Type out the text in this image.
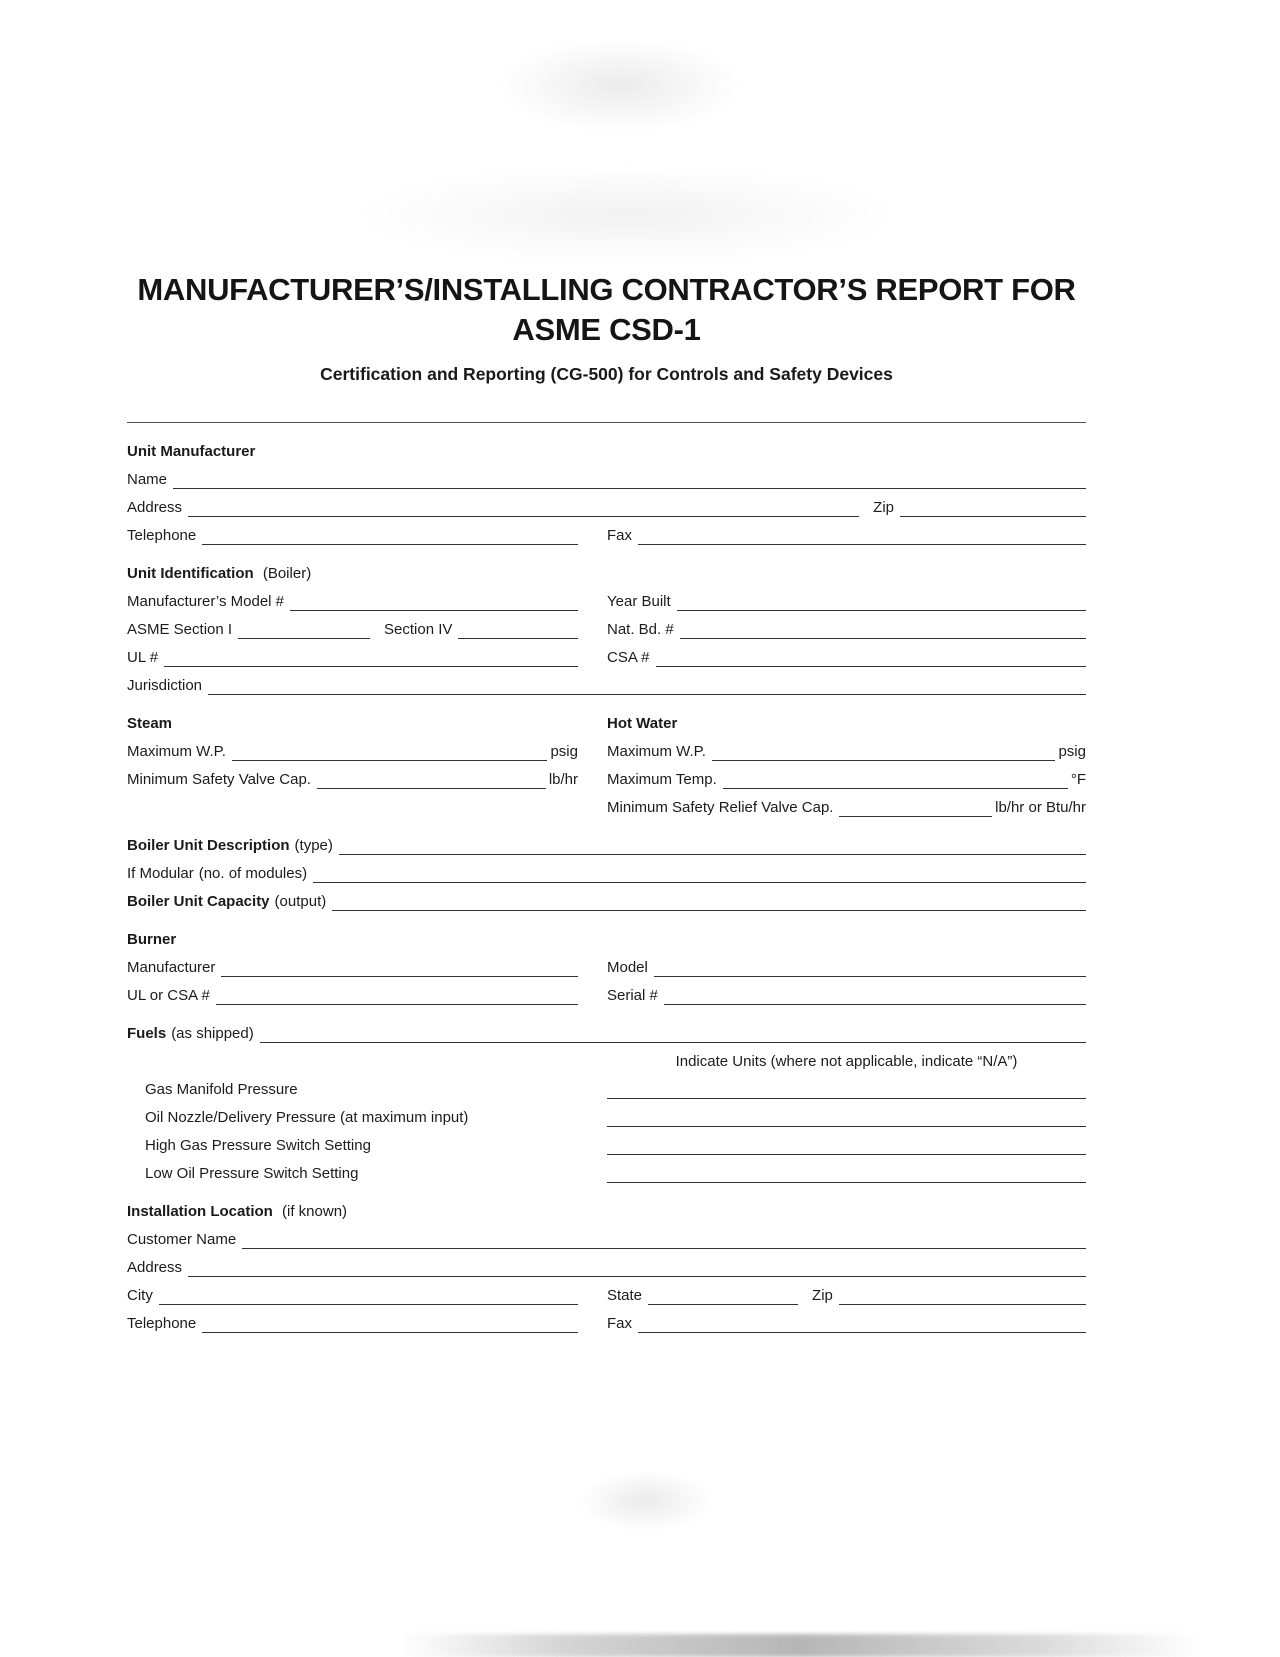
MANUFACTURER’S/INSTALLING CONTRACTOR’S REPORT FOR
ASME CSD-1
Certification and Reporting (CG-500) for Controls and Safety Devices
Unit Manufacturer
Name
Address	Zip
Telephone	Fax
Unit Identification (Boiler)
Manufacturer’s Model #	Year Built
ASME Section I	Section IV	Nat. Bd. #
UL #	CSA #
Jurisdiction
Steam
Maximum W.P.	psig
Minimum Safety Valve Cap.	lb/hr
Hot Water
Maximum W.P.	psig
Maximum Temp.	°F
Minimum Safety Relief Valve Cap.	lb/hr or Btu/hr
Boiler Unit Description (type)
If Modular (no. of modules)
Boiler Unit Capacity (output)
Burner
Manufacturer	Model
UL or CSA #	Serial #
Fuels (as shipped)
Indicate Units (where not applicable, indicate “N/A”)
Gas Manifold Pressure
Oil Nozzle/Delivery Pressure (at maximum input)
High Gas Pressure Switch Setting
Low Oil Pressure Switch Setting
Installation Location (if known)
Customer Name
Address
City	State	Zip
Telephone	Fax
